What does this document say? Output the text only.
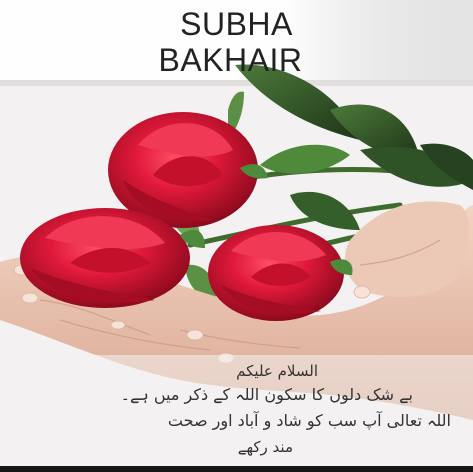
SUBHA
BAKHAIR
السلام علیکم
بے شک دلوں کا سکون اللہ کے ذکر میں ہے۔
اللہ تعالی آپ سب کو شاد و آباد اور صحت
مند رکھے
